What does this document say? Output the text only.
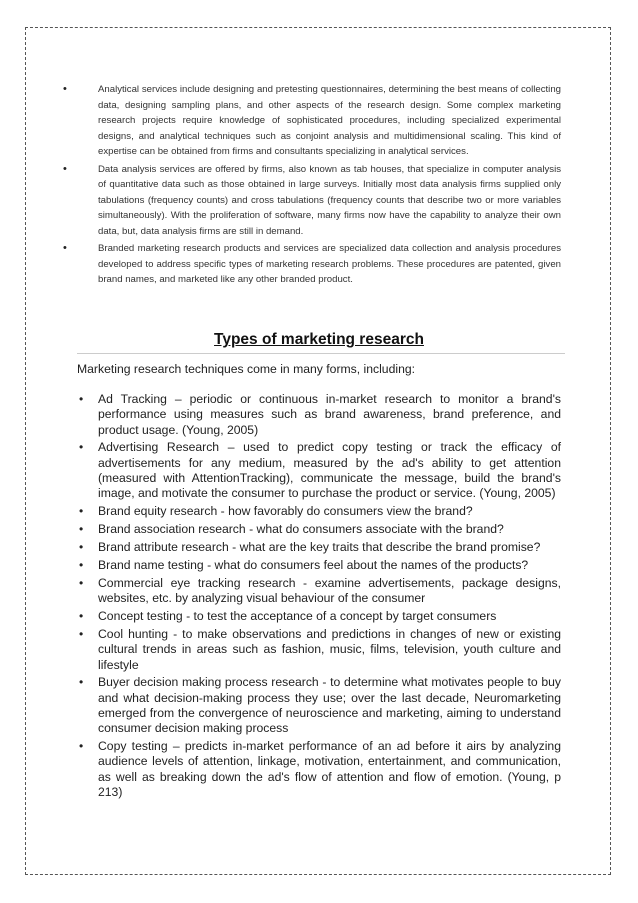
• Analytical services include designing and pretesting questionnaires, determining the best means of collecting data, designing sampling plans, and other aspects of the research design. Some complex marketing research projects require knowledge of sophisticated procedures, including specialized experimental designs, and analytical techniques such as conjoint analysis and multidimensional scaling. This kind of expertise can be obtained from firms and consultants specializing in analytical services.
• Data analysis services are offered by firms, also known as tab houses, that specialize in computer analysis of quantitative data such as those obtained in large surveys. Initially most data analysis firms supplied only tabulations (frequency counts) and cross tabulations (frequency counts that describe two or more variables simultaneously). With the proliferation of software, many firms now have the capability to analyze their own data, but, data analysis firms are still in demand.
• Branded marketing research products and services are specialized data collection and analysis procedures developed to address specific types of marketing research problems. These procedures are patented, given brand names, and marketed like any other branded product.
Types of marketing research
Marketing research techniques come in many forms, including:
• Ad Tracking – periodic or continuous in-market research to monitor a brand's performance using measures such as brand awareness, brand preference, and product usage. (Young, 2005)
• Advertising Research – used to predict copy testing or track the efficacy of advertisements for any medium, measured by the ad's ability to get attention (measured with AttentionTracking), communicate the message, build the brand's image, and motivate the consumer to purchase the product or service. (Young, 2005)
• Brand equity research - how favorably do consumers view the brand?
• Brand association research - what do consumers associate with the brand?
• Brand attribute research - what are the key traits that describe the brand promise?
• Brand name testing - what do consumers feel about the names of the products?
• Commercial eye tracking research - examine advertisements, package designs, websites, etc. by analyzing visual behaviour of the consumer
• Concept testing - to test the acceptance of a concept by target consumers
• Cool hunting - to make observations and predictions in changes of new or existing cultural trends in areas such as fashion, music, films, television, youth culture and lifestyle
• Buyer decision making process research - to determine what motivates people to buy and what decision-making process they use; over the last decade, Neuromarketing emerged from the convergence of neuroscience and marketing, aiming to understand consumer decision making process
• Copy testing – predicts in-market performance of an ad before it airs by analyzing audience levels of attention, linkage, motivation, entertainment, and communication, as well as breaking down the ad's flow of attention and flow of emotion. (Young, p 213)
